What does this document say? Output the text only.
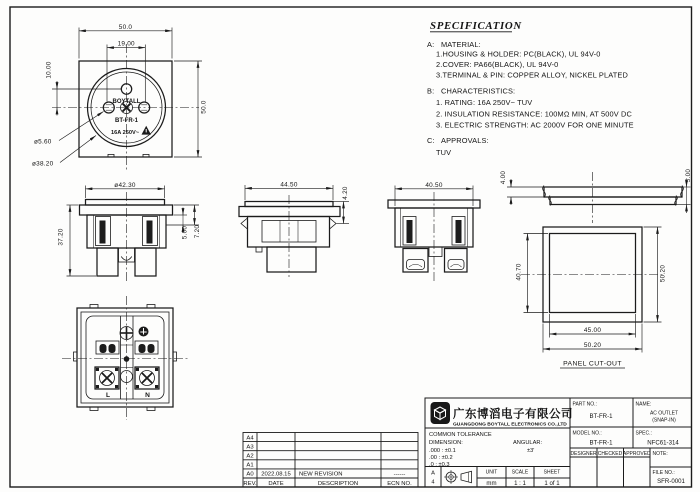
BOYTALL
BT-FR-1
16A 250V~
50.0
19.00
10.00
50.0
ø5.60
ø38.20
ø42.30
37.20	5.00 7.20
44.50
4.20
40.50
4.00	5.00
40.70	50.20
45.00
50.20
PANEL CUT-OUT
L	N
SPECIFICATION
A: MATERIAL:
1.HOUSING & HOLDER: PC(BLACK), UL 94V-0
2.COVER: PA66(BLACK), UL 94V-0
3.TERMINAL & PIN: COPPER ALLOY, NICKEL PLATED
B: CHARACTERISTICS:
1. RATING: 16A 250V~ TUV
2. INSULATION RESISTANCE: 100MΩ MIN, AT 500V DC
3. ELECTRIC STRENGTH: AC 2000V FOR ONE MINUTE
C: APPROVALS:
TUV
A4
A3
A2
A1
A0 2022.08.15 NEW REVISION	------
REV. DATE	DESCRIPTION	ECN NO.
广东博滔电子有限公司
GUANGDONG BOYTALL ELECTRONICS CO.,LTD
COMMON TOLERANCE
DIMENSION:	ANGULAR:
.000 : ±0.1	±3'
.00 : ±0.2
.0 : ±0.3
A
4
UNIT
mm
SCALE
1 : 1
SHEET
1 of 1
PART NO.:
BT-FR-1
NAME:
AC OUTLET
(SNAP-IN)
MODEL NO.:
BT-FR-1
SPEC.:
NFC61-314
DESIGNER CHECKED APPROVED NOTE:
FILE NO.:
SFR-0001
